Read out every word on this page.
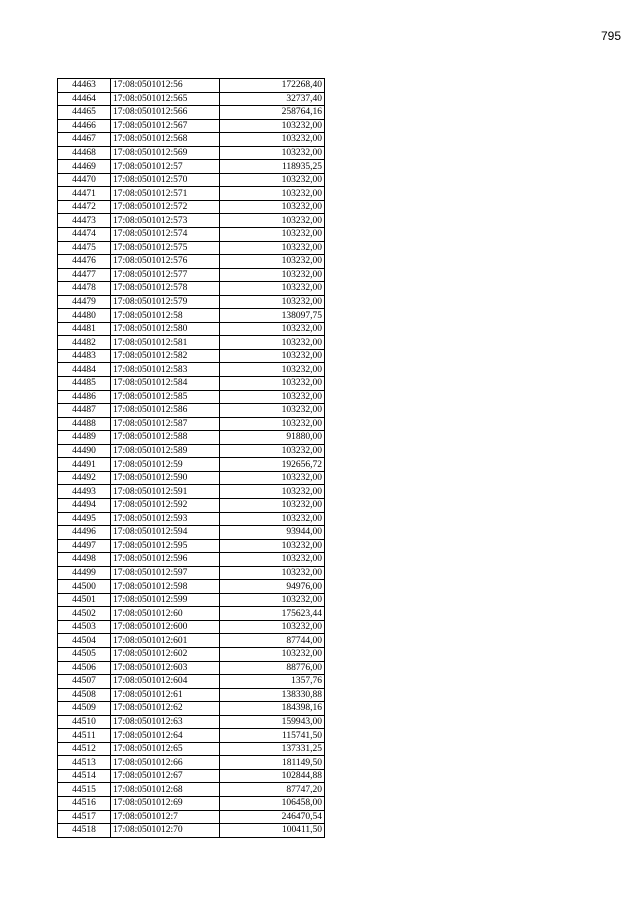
795
44463	17:08:0501012:56	172268,40
44464	17:08:0501012:565	32737,40
44465	17:08:0501012:566	258764,16
44466	17:08:0501012:567	103232,00
44467	17:08:0501012:568	103232,00
44468	17:08:0501012:569	103232,00
44469	17:08:0501012:57	118935,25
44470	17:08:0501012:570	103232,00
44471	17:08:0501012:571	103232,00
44472	17:08:0501012:572	103232,00
44473	17:08:0501012:573	103232,00
44474	17:08:0501012:574	103232,00
44475	17:08:0501012:575	103232,00
44476	17:08:0501012:576	103232,00
44477	17:08:0501012:577	103232,00
44478	17:08:0501012:578	103232,00
44479	17:08:0501012:579	103232,00
44480	17:08:0501012:58	138097,75
44481	17:08:0501012:580	103232,00
44482	17:08:0501012:581	103232,00
44483	17:08:0501012:582	103232,00
44484	17:08:0501012:583	103232,00
44485	17:08:0501012:584	103232,00
44486	17:08:0501012:585	103232,00
44487	17:08:0501012:586	103232,00
44488	17:08:0501012:587	103232,00
44489	17:08:0501012:588	91880,00
44490	17:08:0501012:589	103232,00
44491	17:08:0501012:59	192656,72
44492	17:08:0501012:590	103232,00
44493	17:08:0501012:591	103232,00
44494	17:08:0501012:592	103232,00
44495	17:08:0501012:593	103232,00
44496	17:08:0501012:594	93944,00
44497	17:08:0501012:595	103232,00
44498	17:08:0501012:596	103232,00
44499	17:08:0501012:597	103232,00
44500	17:08:0501012:598	94976,00
44501	17:08:0501012:599	103232,00
44502	17:08:0501012:60	175623,44
44503	17:08:0501012:600	103232,00
44504	17:08:0501012:601	87744,00
44505	17:08:0501012:602	103232,00
44506	17:08:0501012:603	88776,00
44507	17:08:0501012:604	1357,76
44508	17:08:0501012:61	138330,88
44509	17:08:0501012:62	184398,16
44510	17:08:0501012:63	159943,00
44511	17:08:0501012:64	115741,50
44512	17:08:0501012:65	137331,25
44513	17:08:0501012:66	181149,50
44514	17:08:0501012:67	102844,88
44515	17:08:0501012:68	87747,20
44516	17:08:0501012:69	106458,00
44517	17:08:0501012:7	246470,54
44518	17:08:0501012:70	100411,50
